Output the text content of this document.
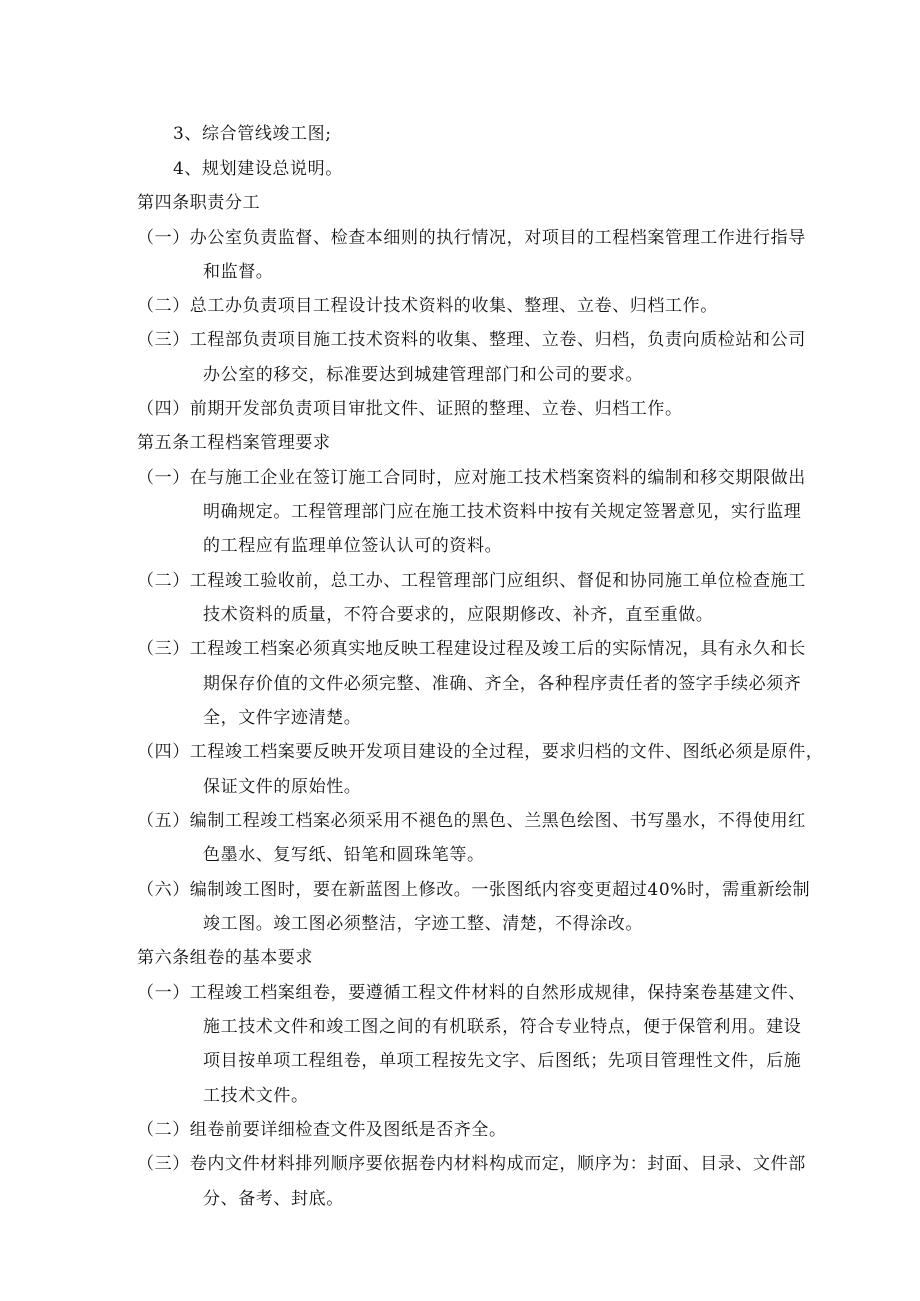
3、综合管线竣工图;
4、规划建设总说明。
第四条职责分工
（一）办公室负责监督、检查本细则的执行情况，对项目的工程档案管理工作进行指导
和监督。
（二）总工办负责项目工程设计技术资料的收集、整理、立卷、归档工作。
（三）工程部负责项目施工技术资料的收集、整理、立卷、归档，负责向质检站和公司
办公室的移交，标准要达到城建管理部门和公司的要求。
（四）前期开发部负责项目审批文件、证照的整理、立卷、归档工作。
第五条工程档案管理要求
（一）在与施工企业在签订施工合同时，应对施工技术档案资料的编制和移交期限做出
明确规定。工程管理部门应在施工技术资料中按有关规定签署意见，实行监理
的工程应有监理单位签认认可的资料。
（二）工程竣工验收前，总工办、工程管理部门应组织、督促和协同施工单位检查施工
技术资料的质量，不符合要求的，应限期修改、补齐，直至重做。
（三）工程竣工档案必须真实地反映工程建设过程及竣工后的实际情况，具有永久和长
期保存价值的文件必须完整、准确、齐全，各种程序责任者的签字手续必须齐
全，文件字迹清楚。
（四）工程竣工档案要反映开发项目建设的全过程，要求归档的文件、图纸必须是原件，
保证文件的原始性。
（五）编制工程竣工档案必须采用不褪色的黑色、兰黑色绘图、书写墨水，不得使用红
色墨水、复写纸、铅笔和圆珠笔等。
（六）编制竣工图时，要在新蓝图上修改。一张图纸内容变更超过40%时，需重新绘制
竣工图。竣工图必须整洁，字迹工整、清楚，不得涂改。
第六条组卷的基本要求
（一）工程竣工档案组卷，要遵循工程文件材料的自然形成规律，保持案卷基建文件、
施工技术文件和竣工图之间的有机联系，符合专业特点，便于保管利用。建设
项目按单项工程组卷，单项工程按先文字、后图纸；先项目管理性文件，后施
工技术文件。
（二）组卷前要详细检查文件及图纸是否齐全。
（三）卷内文件材料排列顺序要依据卷内材料构成而定，顺序为：封面、目录、文件部
分、备考、封底。
